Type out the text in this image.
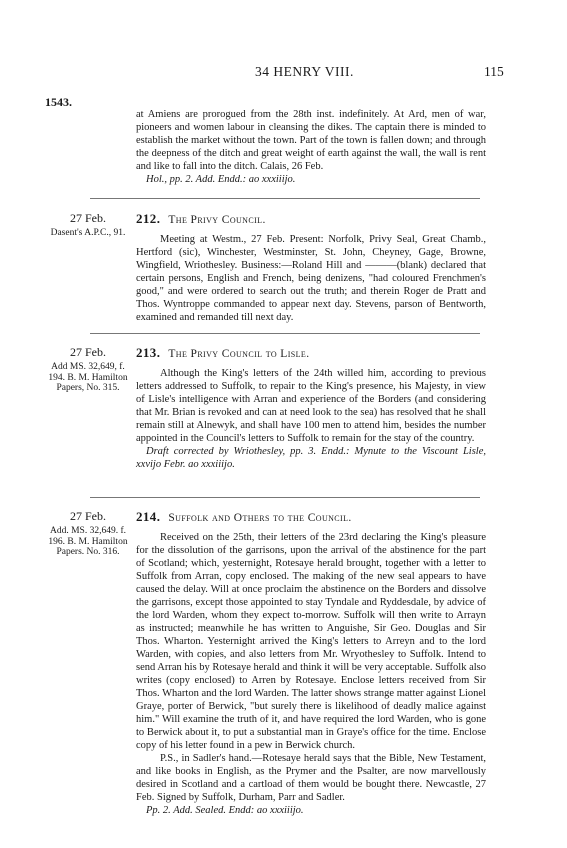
34 HENRY VIII.	115
1543.

at Amiens are prorogued from the 28th inst. indefinitely. At Ard, men of war, pioneers and women labour in cleansing the dikes. The captain there is minded to establish the market without the town. Part of the town is fallen down; and through the deepness of the ditch and great weight of earth against the wall, the wall is rent and like to fall into the ditch. Calais, 26 Feb.

Hol., pp. 2. Add. Endd.: ao xxxiiijo.

27 Feb.
Dasent's A.P.C., 91.
212. The Privy Council.

Meeting at Westm., 27 Feb. Present: Norfolk, Privy Seal, Great Chamb., Hertford (sic), Winchester, Westminster, St. John, Cheyney, Gage, Browne, Wingfield, Wriothesley. Business:—Roland Hill and ———(blank) declared that certain persons, English and French, being denizens, "had coloured Frenchmen's good," and were ordered to search out the truth; and therein Roger de Pratt and Thos. Wyntroppe commanded to appear next day. Stevens, parson of Bentworth, examined and remanded till next day.

27 Feb.
Add MS. 32,649, f. 194. B. M. Hamilton Papers, No. 315.
213. The Privy Council to Lisle.

Although the King's letters of the 24th willed him, according to previous letters addressed to Suffolk, to repair to the King's presence, his Majesty, in view of Lisle's intelligence with Arran and experience of the Borders (and considering that Mr. Brian is revoked and can at need look to the sea) has resolved that he shall remain still at Alnewyk, and shall have 100 men to attend him, besides the number appointed in the Council's letters to Suffolk to remain for the stay of the country.

Draft corrected by Wriothesley, pp. 3. Endd.: Mynute to the Viscount Lisle, xxvijo Febr. ao xxxiiijo.

27 Feb.
Add. MS. 32,649. f. 196. B. M. Hamilton Papers. No. 316.
214. Suffolk and Others to the Council.

Received on the 25th, their letters of the 23rd declaring the King's pleasure for the dissolution of the garrisons, upon the arrival of the abstinence for the part of Scotland; which, yesternight, Rotesaye herald brought, together with a letter to Suffolk from Arran, copy enclosed. The making of the new seal appears to have caused the delay. Will at once proclaim the abstinence on the Borders and dissolve the garrisons, except those appointed to stay Tyndale and Ryddesdale, by advice of the lord Warden, whom they expect to-morrow. Suffolk will then write to Arrayn as instructed; meanwhile he has written to Anguishe, Sir Geo. Douglas and Sir Thos. Wharton. Yesternight arrived the King's letters to Arreyn and to the lord Warden, with copies, and also letters from Mr. Wryothesley to Suffolk. Intend to send Arran his by Rotesaye herald and think it will be very acceptable. Suffolk also writes (copy enclosed) to Arren by Rotesaye. Enclose letters received from Sir Thos. Wharton and the lord Warden. The latter shows strange matter against Lionel Graye, porter of Berwick, "but surely there is likelihood of deadly malice against him." Will examine the truth of it, and have required the lord Warden, who is gone to Berwick about it, to put a substantial man in Graye's office for the time. Enclose copy of his letter found in a pew in Berwick church.

P.S., in Sadler's hand.—Rotesaye herald says that the Bible, New Testament, and like books in English, as the Prymer and the Psalter, are now marvellously desired in Scotland and a cartload of them would be bought there. Newcastle, 27 Feb. Signed by Suffolk, Durham, Parr and Sadler.

Pp. 2. Add. Sealed. Endd: ao xxxiiijo.
